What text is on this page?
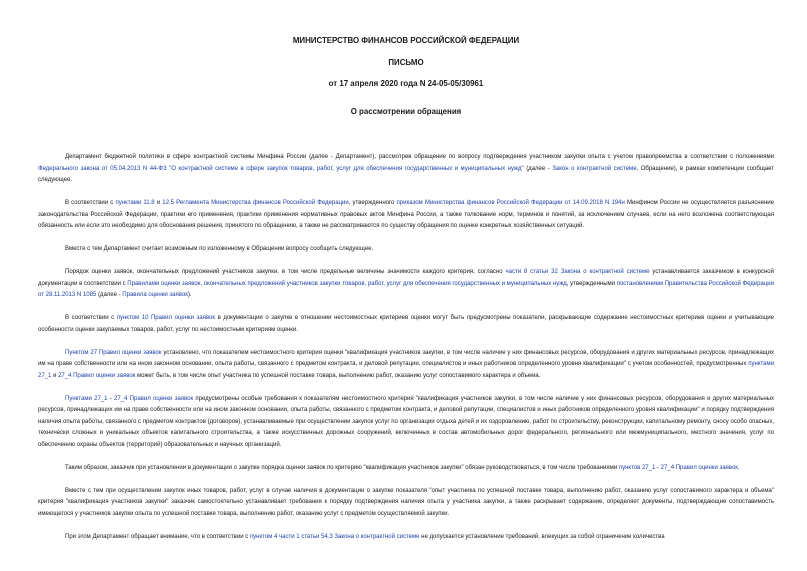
МИНИСТЕРСТВО ФИНАНСОВ РОССИЙСКОЙ ФЕДЕРАЦИИ
ПИСЬМО
от 17 апреля 2020 года N 24-05-05/30961
О рассмотрении обращения

Департамент бюджетной политики в сфере контрактной системы Минфина России (далее - Департамент), рассмотрев обращение по вопросу подтверждения участником закупки опыта с учетом правопреемства в соответствии с положениями Федерального закона от 05.04.2013 N 44-ФЗ "О контрактной системе в сфере закупок товаров, работ, услуг для обеспечения государственных и муниципальных нужд" (далее - Закон о контрактной системе, Обращение), в рамках компетенции сообщает следующее.

В соответствии с пунктами 11.8 и 12.5 Регламента Министерства финансов Российской Федерации, утвержденного приказом Министерства финансов Российской Федерации от 14.09.2018 N 194н Минфином России не осуществляется разъяснение законодательства Российской Федерации, практики его применения, практики применения нормативных правовых актов Минфина России, а также толкование норм, терминов и понятий, за исключением случаев, если на него возложена соответствующая обязанность или если это необходимо для обоснования решения, принятого по обращению, а также не рассматриваются по существу обращения по оценке конкретных хозяйственных ситуаций.

Вместе с тем Департамент считает возможным по изложенному в Обращении вопросу сообщить следующее.

Порядок оценки заявок, окончательных предложений участников закупки, в том числе предельные величины значимости каждого критерия, согласно части 8 статьи 32 Закона о контрактной системе устанавливается заказчиком в конкурсной документации в соответствии с Правилами оценки заявок, окончательных предложений участников закупки товаров, работ, услуг для обеспечения государственных и муниципальных нужд, утвержденными постановлением Правительства Российской Федерации от 28.11.2013 N 1085 (далее - Правила оценки заявок).

В соответствии с пунктом 10 Правил оценки заявок в документации о закупке в отношении нестоимостных критериев оценки могут быть предусмотрены показатели, раскрывающие содержание нестоимостных критериев оценки и учитывающие особенности оценки закупаемых товаров, работ, услуг по нестоимостным критериям оценки.

Пунктом 27 Правил оценки заявок установлено, что показателем нестоимостного критерия оценки "квалификация участников закупки, в том числе наличие у них финансовых ресурсов, оборудования и других материальных ресурсов, принадлежащих им на праве собственности или на ином законном основании, опыта работы, связанного с предметом контракта, и деловой репутации, специалистов и иных работников определенного уровня квалификации" с учетом особенностей, предусмотренных пунктами 27_1 и 27_4 Правил оценки заявок может быть, в том числе опыт участника по успешной поставке товара, выполнению работ, оказанию услуг сопоставимого характера и объема.

Пунктами 27_1 - 27_4 Правил оценки заявок предусмотрены особые требования к показателям нестоимостного критерия "квалификация участников закупки, в том числе наличие у них финансовых ресурсов, оборудования и других материальных ресурсов, принадлежащих им на праве собственности или на ином законном основании, опыта работы, связанного с предметом контракта, и деловой репутации, специалистов и иных работников определенного уровня квалификации" и порядку подтверждения наличия опыта работы, связанного с предметом контрактов (договоров), устанавливаемые при осуществлении закупок услуг по организации отдыха детей и их оздоровлению, работ по строительству, реконструкции, капитальному ремонту, сносу особо опасных, технически сложных и уникальных объектов капитального строительства, а также искусственных дорожных сооружений, включенных в состав автомобильных дорог федерального, регионального или межмуниципального, местного значения, услуг по обеспечению охраны объектов (территорий) образовательных и научных организаций.

Таким образом, заказчик при установлении в документации о закупке порядка оценки заявок по критерию "квалификация участников закупки" обязан руководствоваться, в том числе требованиями пунктов 27_1 - 27_4 Правил оценки заявок.

Вместе с тем при осуществлении закупок иных товаров, работ, услуг в случае наличия в документации о закупке показателя "опыт участника по успешной поставке товара, выполнению работ, оказанию услуг сопоставимого характера и объема" критерия "квалификация участников закупки" заказчик самостоятельно устанавливает требования к порядку подтверждения наличия опыта у участника закупки, а также раскрывает содержание, определяет документы, подтверждающие сопоставимость имеющегося у участников закупки опыта по успешной поставке товара, выполнению работ, оказанию услуг с предметом осуществляемой закупки.

При этом Департамент обращает внимание, что в соответствии с пунктом 4 части 1 статьи 54.3 Закона о контрактной системе не допускается установление требований, влекущих за собой ограничение количества
